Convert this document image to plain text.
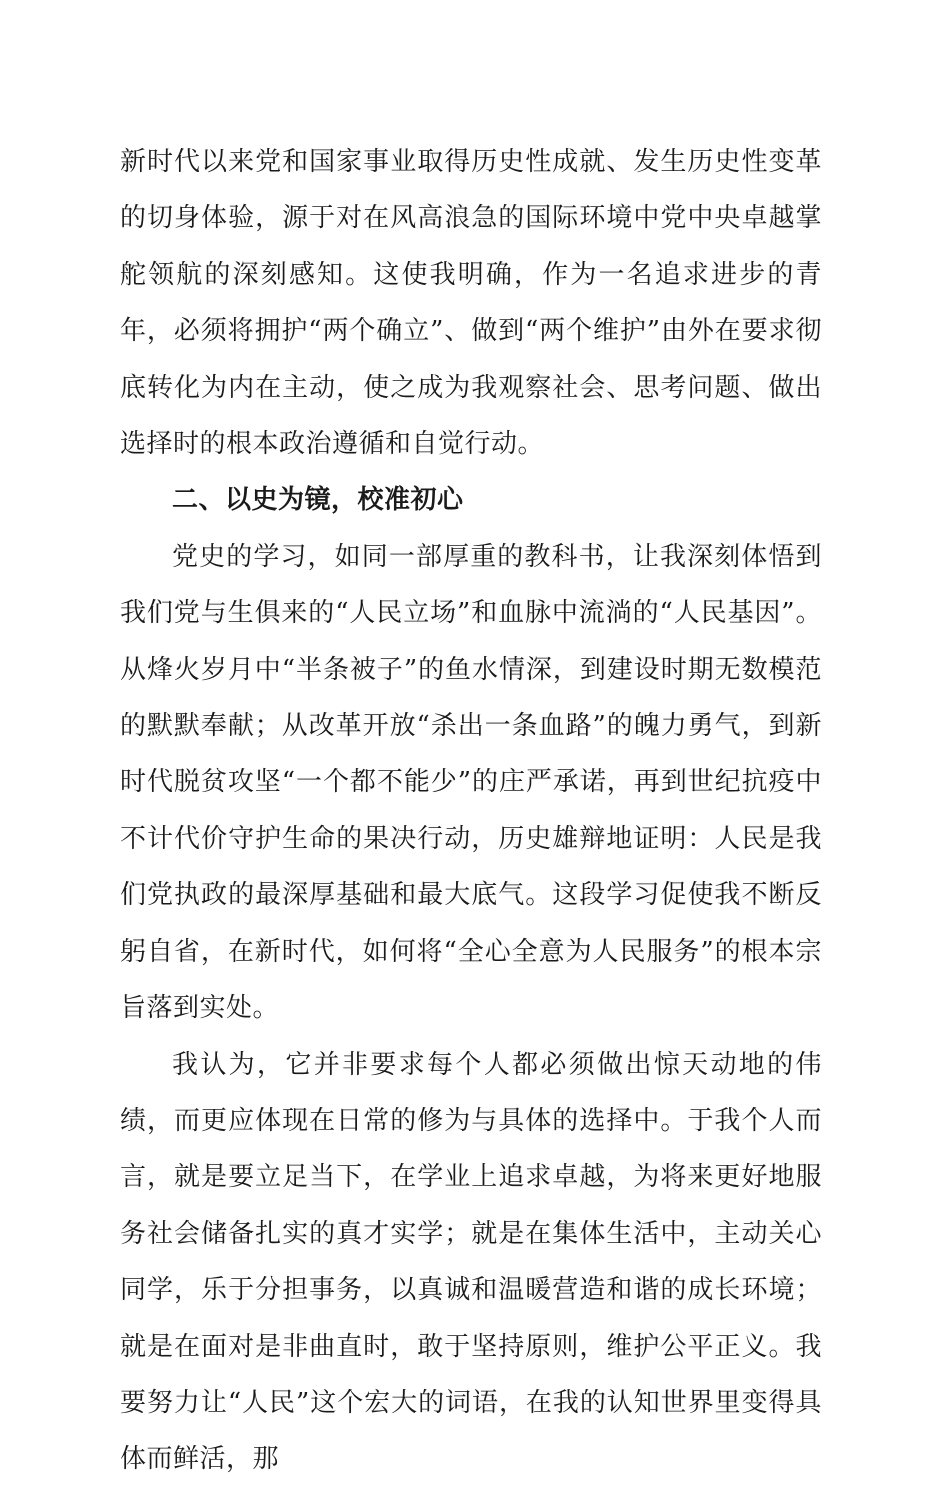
新时代以来党和国家事业取得历史性成就、发生历史性变革的切身体验，源于对在风高浪急的国际环境中党中央卓越掌舵领航的深刻感知。这使我明确，作为一名追求进步的青年，必须将拥护“两个确立”、做到“两个维护”由外在要求彻底转化为内在主动，使之成为我观察社会、思考问题、做出选择时的根本政治遵循和自觉行动。

二、以史为镜，校准初心

党史的学习，如同一部厚重的教科书，让我深刻体悟到我们党与生俱来的“人民立场”和血脉中流淌的“人民基因”。从烽火岁月中“半条被子”的鱼水情深，到建设时期无数模范的默默奉献；从改革开放“杀出一条血路”的魄力勇气，到新时代脱贫攻坚“一个都不能少”的庄严承诺，再到世纪抗疫中不计代价守护生命的果决行动，历史雄辩地证明：人民是我们党执政的最深厚基础和最大底气。这段学习促使我不断反躬自省，在新时代，如何将“全心全意为人民服务”的根本宗旨落到实处。

我认为，它并非要求每个人都必须做出惊天动地的伟绩，而更应体现在日常的修为与具体的选择中。于我个人而言，就是要立足当下，在学业上追求卓越，为将来更好地服务社会储备扎实的真才实学；就是在集体生活中，主动关心同学，乐于分担事务，以真诚和温暖营造和谐的成长环境；就是在面对是非曲直时，敢于坚持原则，维护公平正义。我要努力让“人民”这个宏大的词语，在我的认知世界里变得具体而鲜活，那
